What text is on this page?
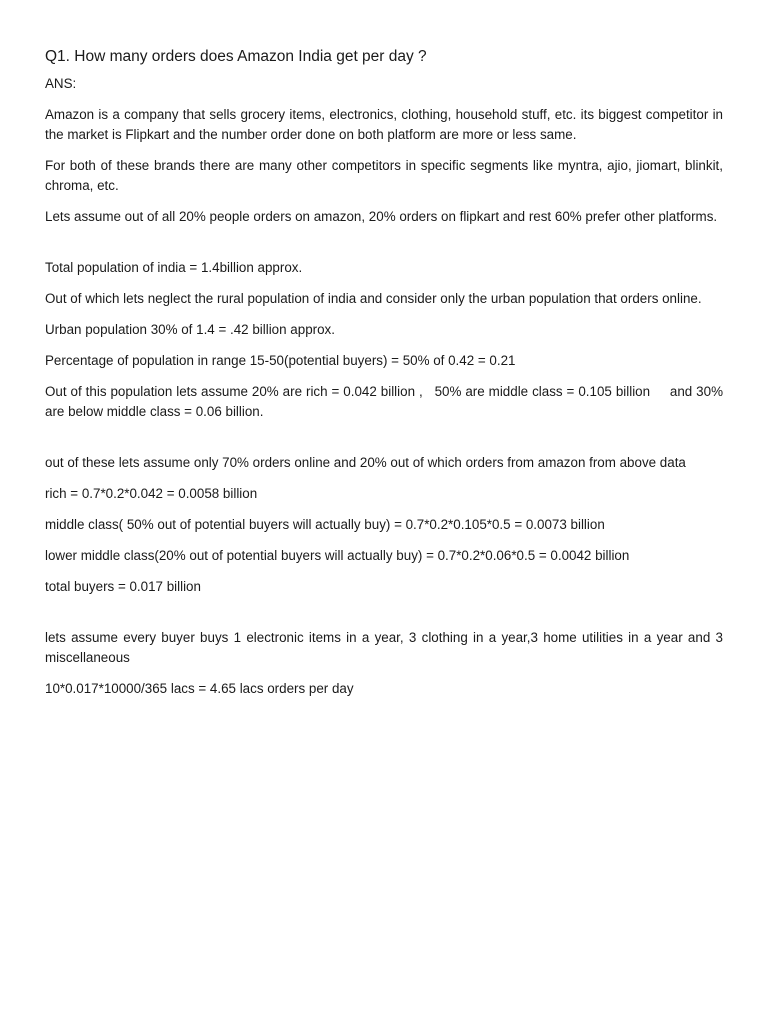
Q1. How many orders does Amazon India get per day ?

ANS:

Amazon is a company that sells grocery items, electronics, clothing, household stuff, etc. its biggest competitor in the market is Flipkart and the number order done on both platform are more or less same.

For both of these brands there are many other competitors in specific segments like myntra, ajio, jiomart, blinkit, chroma, etc.

Lets assume out of all 20% people orders on amazon, 20% orders on flipkart and rest 60% prefer other platforms.

Total population of india = 1.4billion approx.

Out of which lets neglect the rural population of india and consider only the urban population that orders online.

Urban population 30% of 1.4 = .42 billion approx.

Percentage of population in range 15-50(potential buyers) = 50% of 0.42 = 0.21

Out of this population lets assume 20% are rich = 0.042 billion ,   50% are middle class = 0.105 billion     and 30% are below middle class = 0.06 billion.

out of these lets assume only 70% orders online and 20% out of which orders from amazon from above data

rich = 0.7*0.2*0.042 = 0.0058 billion

middle class( 50% out of potential buyers will actually buy) = 0.7*0.2*0.105*0.5 = 0.0073 billion

lower middle class(20% out of potential buyers will actually buy) = 0.7*0.2*0.06*0.5 = 0.0042 billion

total buyers = 0.017 billion

lets assume every buyer buys 1 electronic items in a year, 3 clothing in a year,3 home utilities in a year and 3 miscellaneous

10*0.017*10000/365 lacs = 4.65 lacs orders per day
